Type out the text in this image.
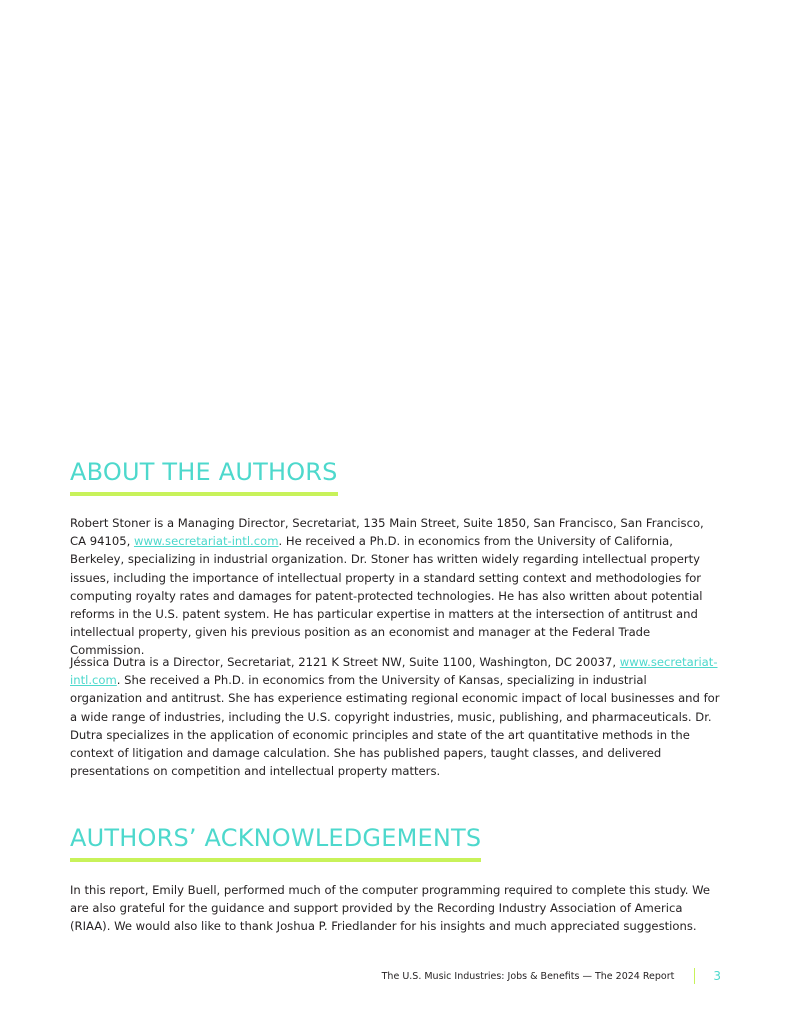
ABOUT THE AUTHORS

Robert Stoner is a Managing Director, Secretariat, 135 Main Street, Suite 1850, San Francisco, San Francisco, CA 94105, www.secretariat-intl.com. He received a Ph.D. in economics from the University of California, Berkeley, specializing in industrial organization. Dr. Stoner has written widely regarding intellectual property issues, including the importance of intellectual property in a standard setting context and methodologies for computing royalty rates and damages for patent-protected technologies. He has also written about potential reforms in the U.S. patent system. He has particular expertise in matters at the intersection of antitrust and intellectual property, given his previous position as an economist and manager at the Federal Trade Commission.

Jéssica Dutra is a Director, Secretariat, 2121 K Street NW, Suite 1100, Washington, DC 20037, www.secretariat-intl.com. She received a Ph.D. in economics from the University of Kansas, specializing in industrial organization and antitrust. She has experience estimating regional economic impact of local businesses and for a wide range of industries, including the U.S. copyright industries, music, publishing, and pharmaceuticals. Dr. Dutra specializes in the application of economic principles and state of the art quantitative methods in the context of litigation and damage calculation. She has published papers, taught classes, and delivered presentations on competition and intellectual property matters.

AUTHORS’ ACKNOWLEDGEMENTS

In this report, Emily Buell, performed much of the computer programming required to complete this study. We are also grateful for the guidance and support provided by the Recording Industry Association of America (RIAA). We would also like to thank Joshua P. Friedlander for his insights and much appreciated suggestions.

The U.S. Music Industries: Jobs & Benefits — The 2024 Report	3
